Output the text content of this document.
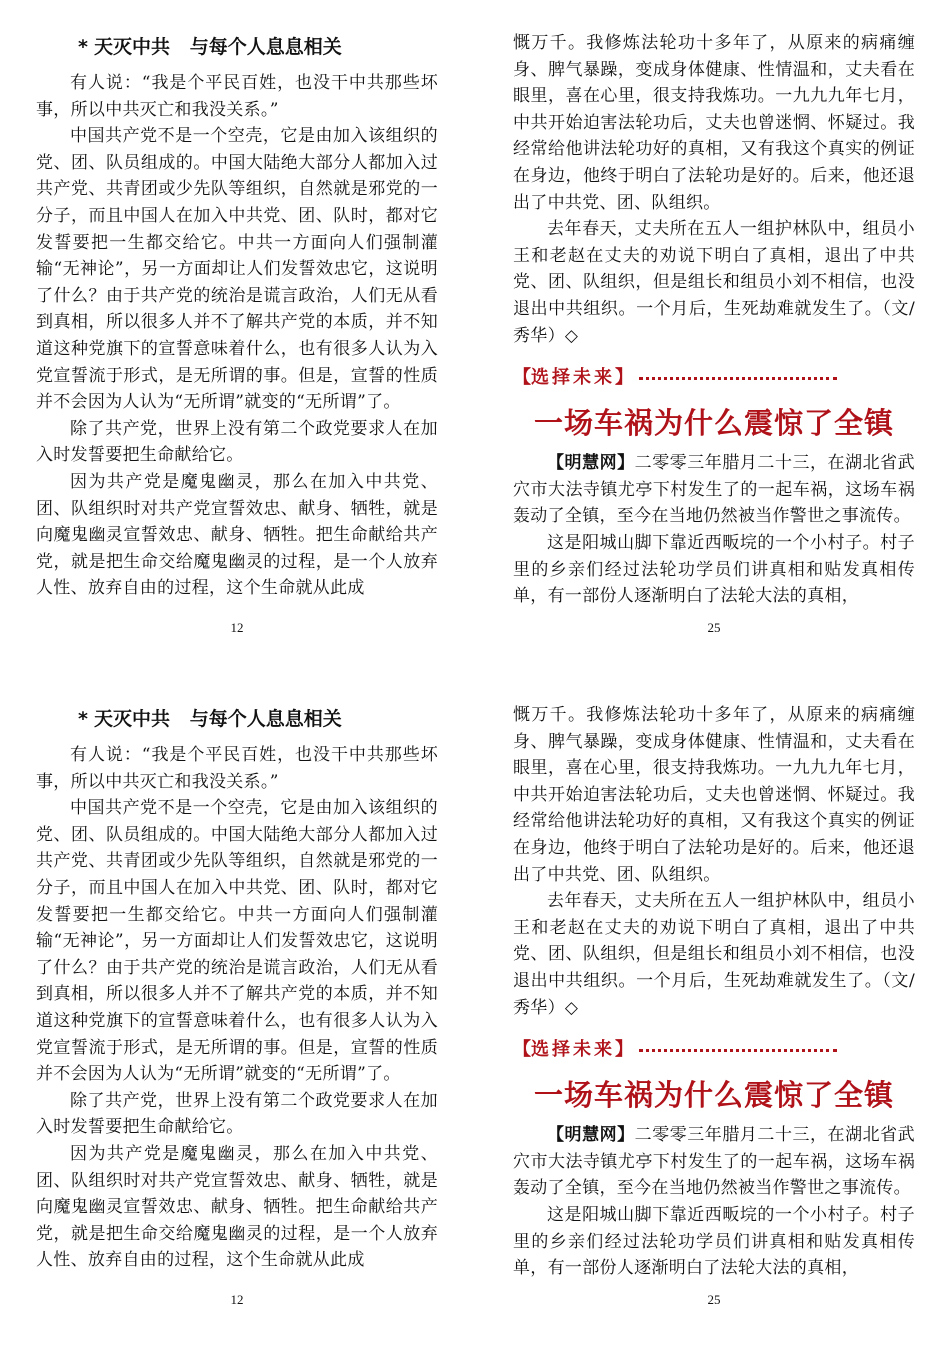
* 天灭中共   与每个人息息相关

有人说：“我是个平民百姓，也没干中共那些坏事，所以中共灭亡和我没关系。”

中国共产党不是一个空壳，它是由加入该组织的党、团、队员组成的。中国大陆绝大部分人都加入过共产党、共青团或少先队等组织，自然就是邪党的一分子，而且中国人在加入中共党、团、队时，都对它发誓要把一生都交给它。中共一方面向人们强制灌输“无神论”，另一方面却让人们发誓效忠它，这说明了什么？由于共产党的统治是谎言政治，人们无从看到真相，所以很多人并不了解共产党的本质，并不知道这种党旗下的宣誓意味着什么，也有很多人认为入党宣誓流于形式，是无所谓的事。但是，宣誓的性质并不会因为人认为“无所谓”就变的“无所谓”了。

除了共产党，世界上没有第二个政党要求人在加入时发誓要把生命献给它。

因为共产党是魔鬼幽灵，那么在加入中共党、团、队组织时对共产党宣誓效忠、献身、牺牲，就是向魔鬼幽灵宣誓效忠、献身、牺牲。把生命献给共产党，就是把生命交给魔鬼幽灵的过程，是一个人放弃人性、放弃自由的过程，这个生命就从此成

12

慨万千。我修炼法轮功十多年了，从原来的病痛缠身、脾气暴躁，变成身体健康、性情温和，丈夫看在眼里，喜在心里，很支持我炼功。一九九九年七月，中共开始迫害法轮功后，丈夫也曾迷惘、怀疑过。我经常给他讲法轮功好的真相，又有我这个真实的例证在身边，他终于明白了法轮功是好的。后来，他还退出了中共党、团、队组织。

去年春天，丈夫所在五人一组护林队中，组员小王和老赵在丈夫的劝说下明白了真相，退出了中共党、团、队组织，但是组长和组员小刘不相信，也没退出中共组织。一个月后，生死劫难就发生了。（文/秀华）◇

【 选择未来 】
一场车祸为什么震惊了全镇

【明慧网】二零零三年腊月二十三，在湖北省武穴市大法寺镇尤亭下村发生了的一起车祸，这场车祸轰动了全镇，至今在当地仍然被当作警世之事流传。

这是阳城山脚下靠近西畈垸的一个小村子。村子里的乡亲们经过法轮功学员们讲真相和贴发真相传单，有一部份人逐渐明白了法轮大法的真相，

25
* 天灭中共   与每个人息息相关

有人说：“我是个平民百姓，也没干中共那些坏事，所以中共灭亡和我没关系。”

中国共产党不是一个空壳，它是由加入该组织的党、团、队员组成的。中国大陆绝大部分人都加入过共产党、共青团或少先队等组织，自然就是邪党的一分子，而且中国人在加入中共党、团、队时，都对它发誓要把一生都交给它。中共一方面向人们强制灌输“无神论”，另一方面却让人们发誓效忠它，这说明了什么？由于共产党的统治是谎言政治，人们无从看到真相，所以很多人并不了解共产党的本质，并不知道这种党旗下的宣誓意味着什么，也有很多人认为入党宣誓流于形式，是无所谓的事。但是，宣誓的性质并不会因为人认为“无所谓”就变的“无所谓”了。

除了共产党，世界上没有第二个政党要求人在加入时发誓要把生命献给它。

因为共产党是魔鬼幽灵，那么在加入中共党、团、队组织时对共产党宣誓效忠、献身、牺牲，就是向魔鬼幽灵宣誓效忠、献身、牺牲。把生命献给共产党，就是把生命交给魔鬼幽灵的过程，是一个人放弃人性、放弃自由的过程，这个生命就从此成

12

慨万千。我修炼法轮功十多年了，从原来的病痛缠身、脾气暴躁，变成身体健康、性情温和，丈夫看在眼里，喜在心里，很支持我炼功。一九九九年七月，中共开始迫害法轮功后，丈夫也曾迷惘、怀疑过。我经常给他讲法轮功好的真相，又有我这个真实的例证在身边，他终于明白了法轮功是好的。后来，他还退出了中共党、团、队组织。

去年春天，丈夫所在五人一组护林队中，组员小王和老赵在丈夫的劝说下明白了真相，退出了中共党、团、队组织，但是组长和组员小刘不相信，也没退出中共组织。一个月后，生死劫难就发生了。（文/秀华）◇

【 选择未来 】
一场车祸为什么震惊了全镇

【明慧网】二零零三年腊月二十三，在湖北省武穴市大法寺镇尤亭下村发生了的一起车祸，这场车祸轰动了全镇，至今在当地仍然被当作警世之事流传。

这是阳城山脚下靠近西畈垸的一个小村子。村子里的乡亲们经过法轮功学员们讲真相和贴发真相传单，有一部份人逐渐明白了法轮大法的真相，

25
